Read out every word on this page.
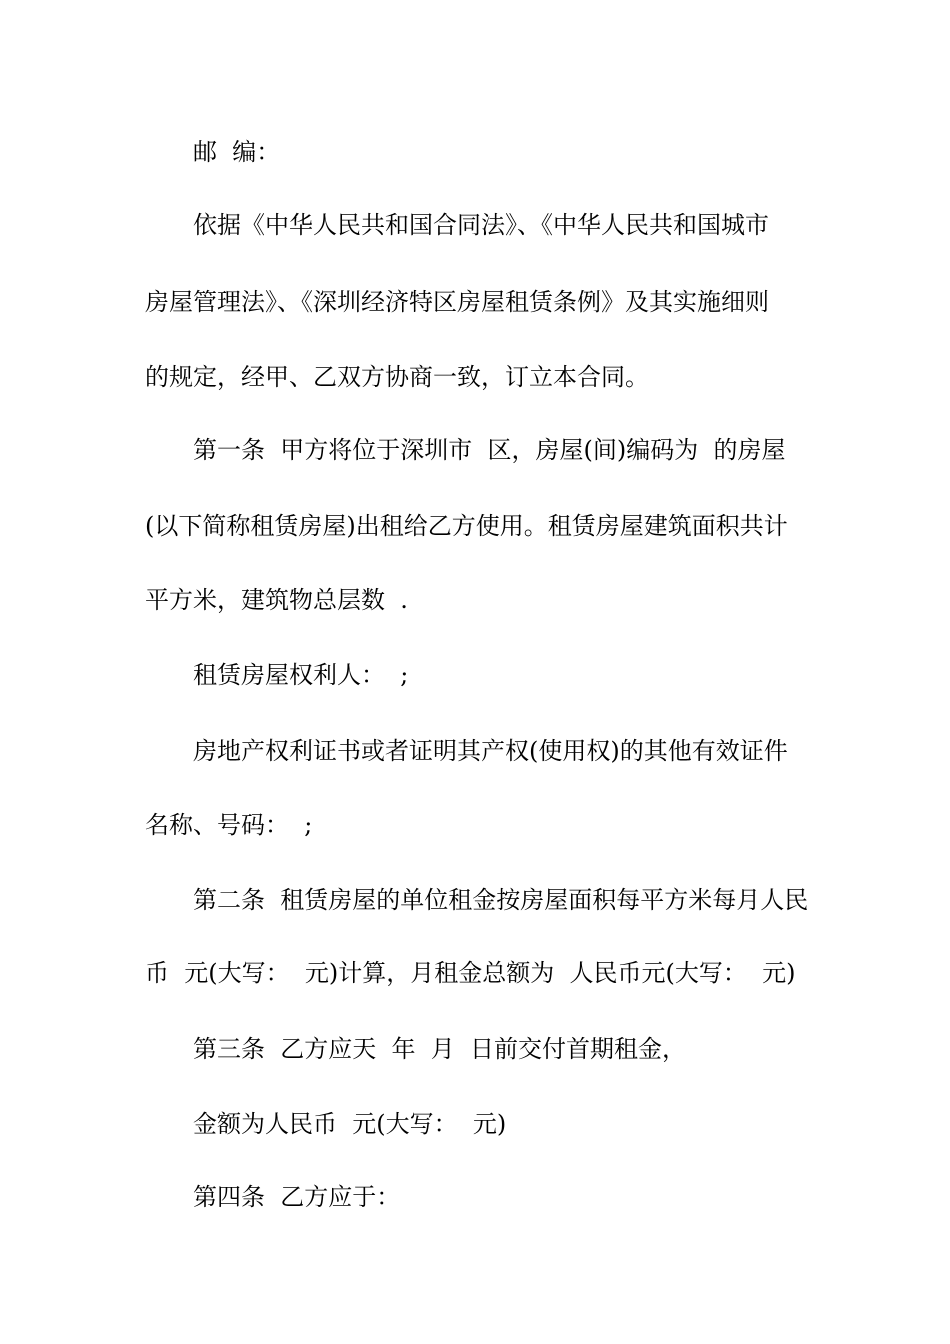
邮  编：

依据《中华人民共和国合同法》、《中华人民共和国城市

房屋管理法》、《深圳经济特区房屋租赁条例》及其实施细则

的规定，经甲、乙双方协商一致，订立本合同。

第一条  甲方将位于深圳市  区，房屋(间)编码为  的房屋

(以下简称租赁房屋)出租给乙方使用。租赁房屋建筑面积共计

平方米，建筑物总层数  .

租赁房屋权利人：  ;

房地产权利证书或者证明其产权(使用权)的其他有效证件

名称、号码：  ;

第二条  租赁房屋的单位租金按房屋面积每平方米每月人民

币  元(大写：  元)计算，月租金总额为  人民币元(大写：  元)

第三条  乙方应天  年  月  日前交付首期租金，

金额为人民币  元(大写：  元)

第四条  乙方应于：
